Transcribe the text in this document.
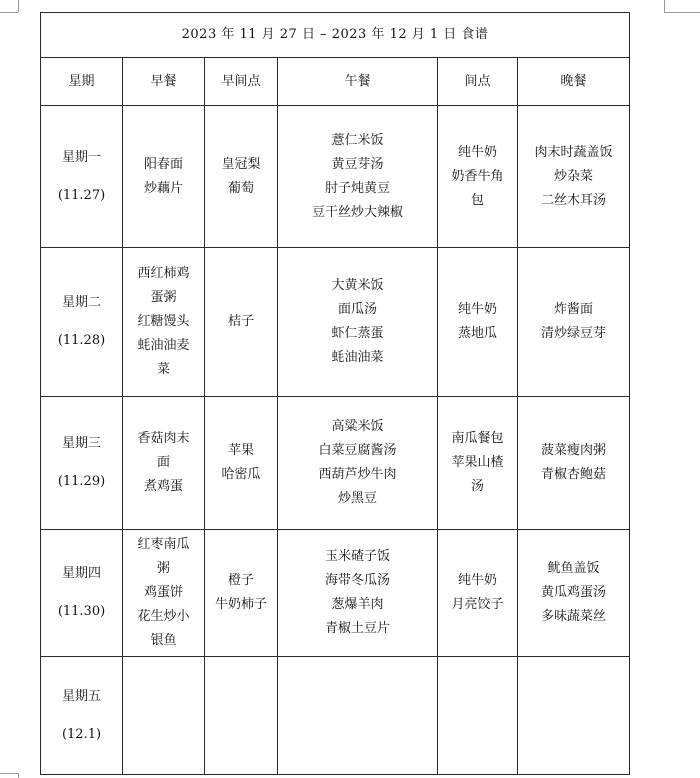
2023 年 11 月 27 日 – 2023 年 12 月 1 日 食谱					
星期	早餐	早间点	午餐	间点	晚餐

星期一
(11.27)	阳春面
炒藕片	皇冠梨
葡萄	薏仁米饭
黄豆芽汤
肘子炖黄豆
豆干丝炒大辣椒	纯牛奶
奶香牛角
包	肉末时蔬盖饭
炒杂菜
二丝木耳汤

星期二
(11.28)	西红柿鸡
蛋粥
红糖馒头
蚝油油麦
菜	桔子	大黄米饭
面瓜汤
虾仁蒸蛋
蚝油油菜	纯牛奶
蒸地瓜	炸酱面
清炒绿豆芽

星期三
(11.29)	香菇肉末
面
煮鸡蛋	苹果
哈密瓜	高粱米饭
白菜豆腐酱汤
西葫芦炒牛肉
炒黑豆	南瓜餐包
苹果山楂
汤	菠菜瘦肉粥
青椒杏鲍菇

星期四
(11.30)	红枣南瓜
粥
鸡蛋饼
花生炒小
银鱼	橙子
牛奶柿子	玉米碴子饭
海带冬瓜汤
葱爆羊肉
青椒土豆片	纯牛奶
月亮饺子	鱿鱼盖饭
黄瓜鸡蛋汤
多味蔬菜丝

星期五
(12.1)					
